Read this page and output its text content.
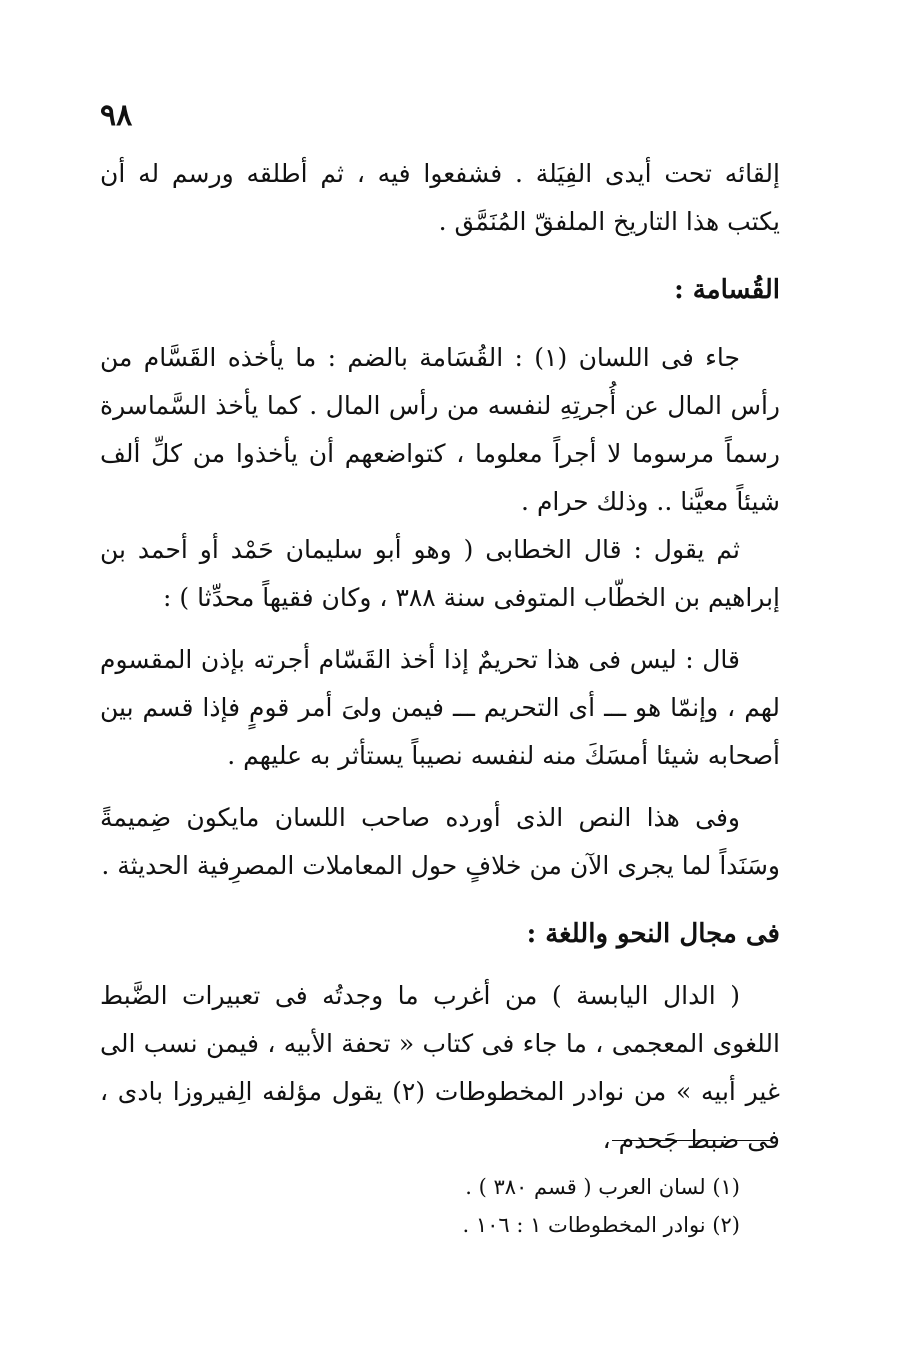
٩٨

إلقائه تحت أيدى الفِيَلة . فشفعوا فيه ، ثم أطلقه ورسم له أن يكتب هذا التاريخ الملفقّ المُنَمَّق .

القُسامة :

جاء فى اللسان (١) : القُسَامة بالضم : ما يأخذه القَسَّام من رأس المال عن أُجرتِهِ لنفسه من رأس المال . كما يأخذ السَّماسرة رسماً مرسوما لا أجراً معلوما ، كتواضعهم أن يأخذوا من كلِّ ألف شيئاً معيَّنا .. وذلك حرام .

ثم يقول : قال الخطابى ( وهو أبو سليمان حَمْد أو أحمد بن إبراهيم بن الخطّاب المتوفى سنة ٣٨٨ ، وكان فقيهاً محدِّثا ) :

قال : ليس فى هذا تحريمٌ إذا أخذ القَسّام أجرته بإذن المقسوم لهم ، وإنمّا هو ـــ أى التحريم ـــ فيمن ولىَ أمر قومٍ فإذا قسم بين أصحابه شيئا أمسَكَ منه لنفسه نصيباً يستأثر به عليهم .

وفى هذا النص الذى أورده صاحب اللسان مايكون ضِميمةً وسَنَداً لما يجرى الآن من خلافٍ حول المعاملات المصرِفية الحديثة .

فى مجال النحو واللغة :

( الدال اليابسة ) من أغرب ما وجدتُه فى تعبيرات الضَّبط اللغوى المعجمى ، ما جاء فى كتاب « تحفة الأبيه ، فيمن نسب الى غير أبيه » من نوادر المخطوطات (٢) يقول مؤلفه الِفيروزا بادى ، فى ضبط جَحدم ،

(١) لسان العرب ( قسم ٣٨٠ ) .

(٢) نوادر المخطوطات ١ : ١٠٦ .
